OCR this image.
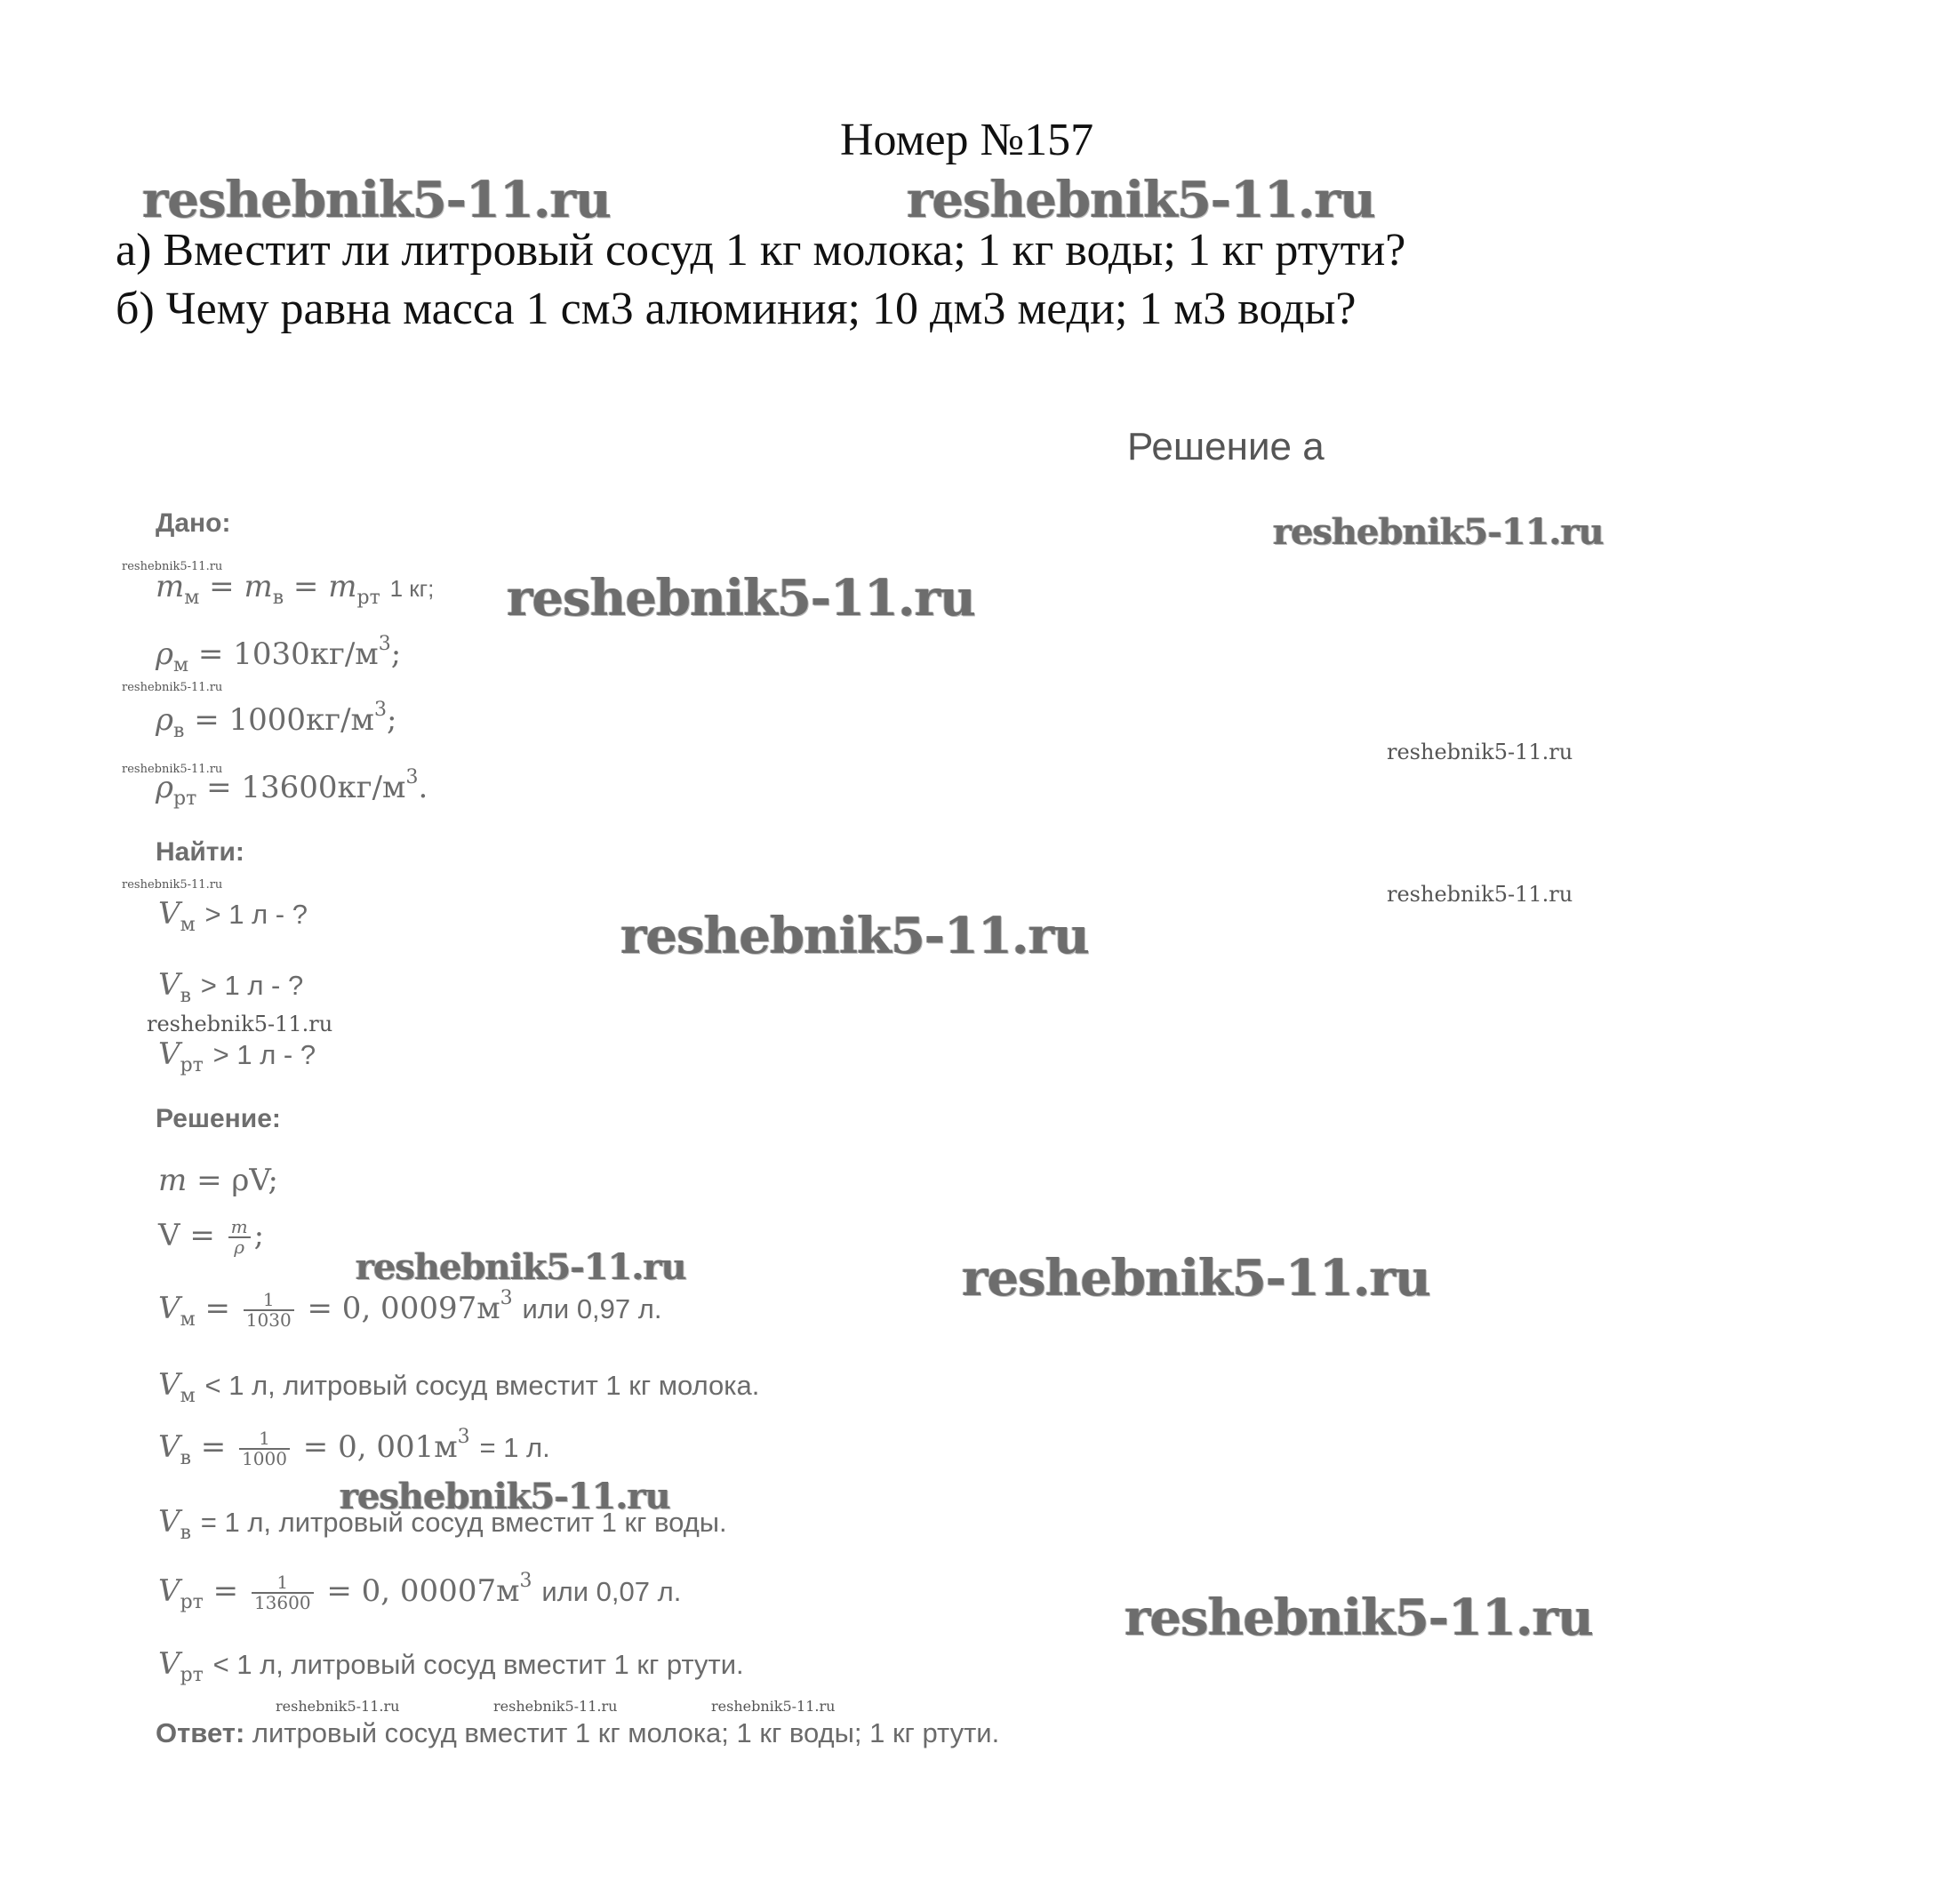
Номер №157
а) Вместит ли литровый сосуд 1 кг молока; 1 кг воды; 1 кг ртути?
б) Чему равна масса 1 см3 алюминия; 10 дм3 меди; 1 м3 воды?
Решение а
Дано:
$m_м = m_в = m_{рт}$ 1 кг;
$\rho_м = 1030кг/м^3$;
$\rho_в = 1000кг/м^3$;
$\rho_{рт} = 13600кг/м^3$.
Найти:
$V_м > 1$ л - ?
$V_в > 1$ л - ?
$V_{рт} > 1$ л - ?
Решение:
m = ρV;
$V = \frac{m}{\rho}$ ;
$V_м = \frac{1}{1030} = 0$, $00097м^3$ или 0,97 л.
$V_м < 1$ л, литровый сосуд вместит 1 кг молока.
$V_в = \frac{1}{1000} = 0$, $001м^3 = 1$ л.
$V_в = 1$ л, литровый сосуд вместит 1 кг воды.
$V_{рт} = \frac{1}{13600} = 0$, $00007м^3$ или 0,07 л.
$V_{рт} < 1$ л, литровый сосуд вместит 1 кг ртути.
Ответ: литровый сосуд вместит 1 кг молока; 1 кг воды; 1 кг ртути.
reshebnik5-11.ru	reshebnik5-11.ru
reshebnik5-11.ru
reshebnik5-11.ru
reshebnik5-11.ru
reshebnik5-11.ru
reshebnik5-11.ru
reshebnik5-11.ru
reshebnik5-11.ru	reshebnik5-11.ru
reshebnik5-11.ru
reshebnik5-11.ru
reshebnik5-11.ru
reshebnik5-11.ru
reshebnik5-11.ru
reshebnik5-11.ru
reshebnik5-11.ru	reshebnik5-11.ru	reshebnik5-11.ru
